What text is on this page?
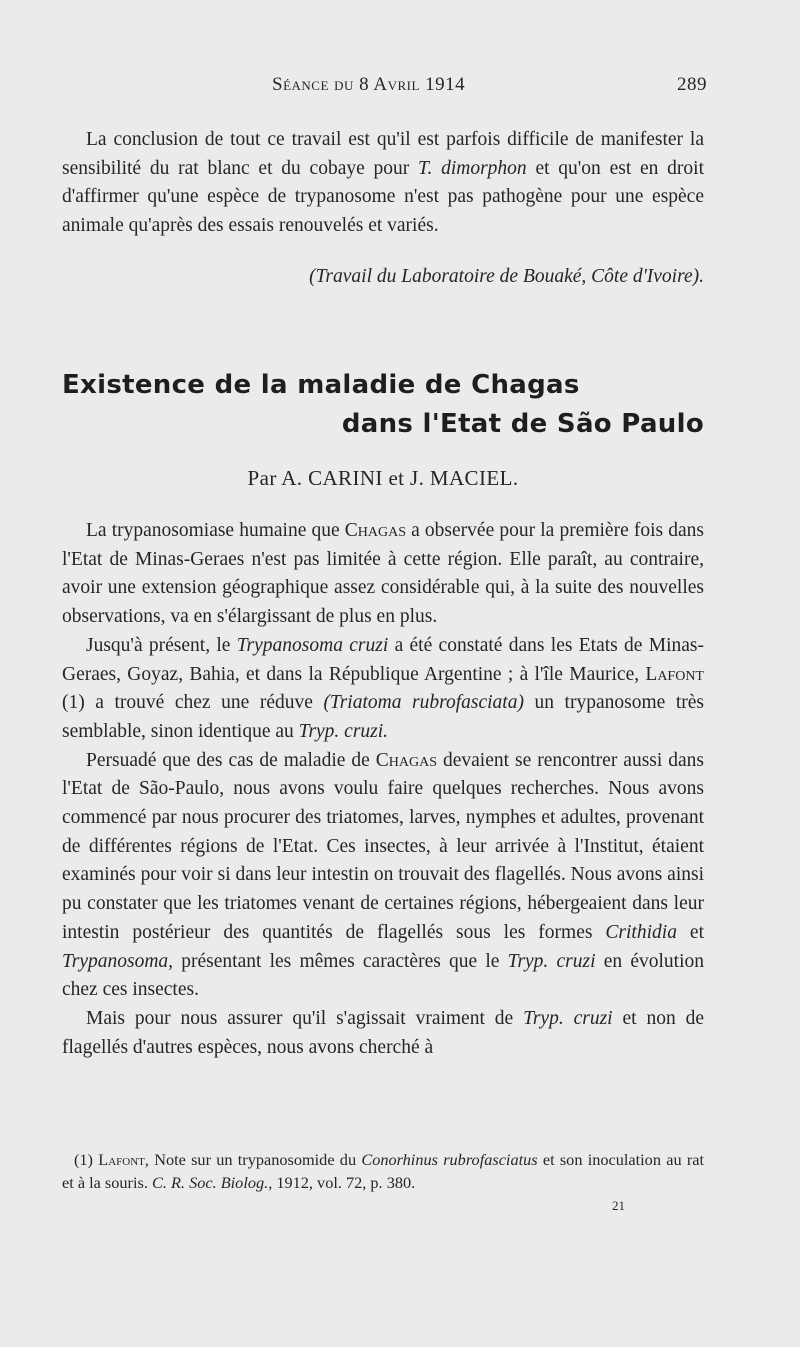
Séance du 8 Avril 1914	289

La conclusion de tout ce travail est qu'il est parfois difficile de manifester la sensibilité du rat blanc et du cobaye pour T. dimorphon et qu'on est en droit d'affirmer qu'une espèce de trypanosome n'est pas pathogène pour une espèce animale qu'après des essais renouvelés et variés.

(Travail du Laboratoire de Bouaké, Côte d'Ivoire).
Existence de la maladie de Chagas
dans l'Etat de São Paulo
Par A. CARINI et J. MACIEL.

La trypanosomiase humaine que Chagas a observée pour la première fois dans l'Etat de Minas-Geraes n'est pas limitée à cette région. Elle paraît, au contraire, avoir une extension géographique assez considérable qui, à la suite des nouvelles observations, va en s'élargissant de plus en plus.

Jusqu'à présent, le Trypanosoma cruzi a été constaté dans les Etats de Minas-Geraes, Goyaz, Bahia, et dans la République Argentine ; à l'île Maurice, Lafont (1) a trouvé chez une réduve (Triatoma rubrofasciata) un trypanosome très semblable, sinon identique au Tryp. cruzi.

Persuadé que des cas de maladie de Chagas devaient se rencontrer aussi dans l'Etat de São-Paulo, nous avons voulu faire quelques recherches. Nous avons commencé par nous procurer des triatomes, larves, nymphes et adultes, provenant de différentes régions de l'Etat. Ces insectes, à leur arrivée à l'Institut, étaient examinés pour voir si dans leur intestin on trouvait des flagellés. Nous avons ainsi pu constater que les triatomes venant de certaines régions, hébergeaient dans leur intestin postérieur des quantités de flagellés sous les formes Crithidia et Trypanosoma, présentant les mêmes caractères que le Tryp. cruzi en évolution chez ces insectes.

Mais pour nous assurer qu'il s'agissait vraiment de Tryp. cruzi et non de flagellés d'autres espèces, nous avons cherché à

(1) Lafont, Note sur un trypanosomide du Conorhinus rubrofasciatus et son inoculation au rat et à la souris. C. R. Soc. Biolog., 1912, vol. 72, p. 380.

21
